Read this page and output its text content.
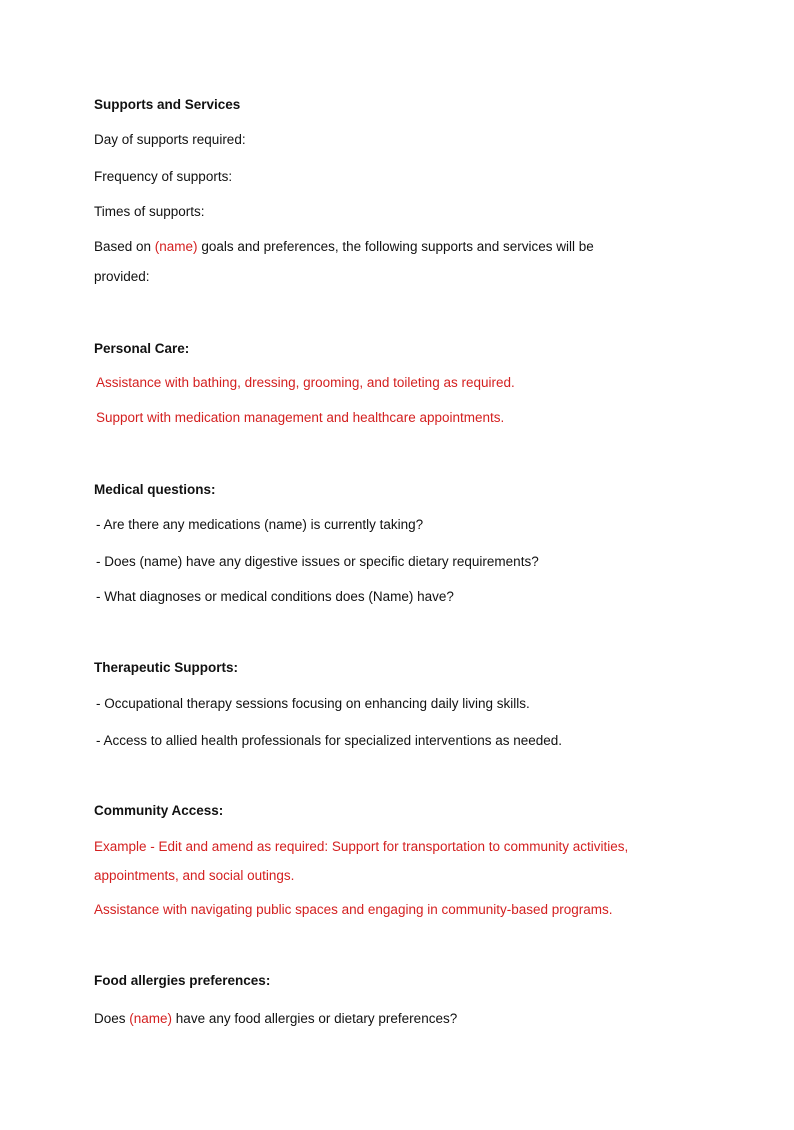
Supports and Services
Day of supports required:
Frequency of supports:
Times of supports:
Based on (name) goals and preferences, the following supports and services will be
provided:
Personal Care:
Assistance with bathing, dressing, grooming, and toileting as required.
Support with medication management and healthcare appointments.
Medical questions:
- Are there any medications (name) is currently taking?
- Does (name) have any digestive issues or specific dietary requirements?
- What diagnoses or medical conditions does (Name) have?
Therapeutic Supports:
- Occupational therapy sessions focusing on enhancing daily living skills.
- Access to allied health professionals for specialized interventions as needed.
Community Access:
Example - Edit and amend as required: Support for transportation to community activities,
appointments, and social outings.
Assistance with navigating public spaces and engaging in community-based programs.
Food allergies preferences:
Does (name) have any food allergies or dietary preferences?
